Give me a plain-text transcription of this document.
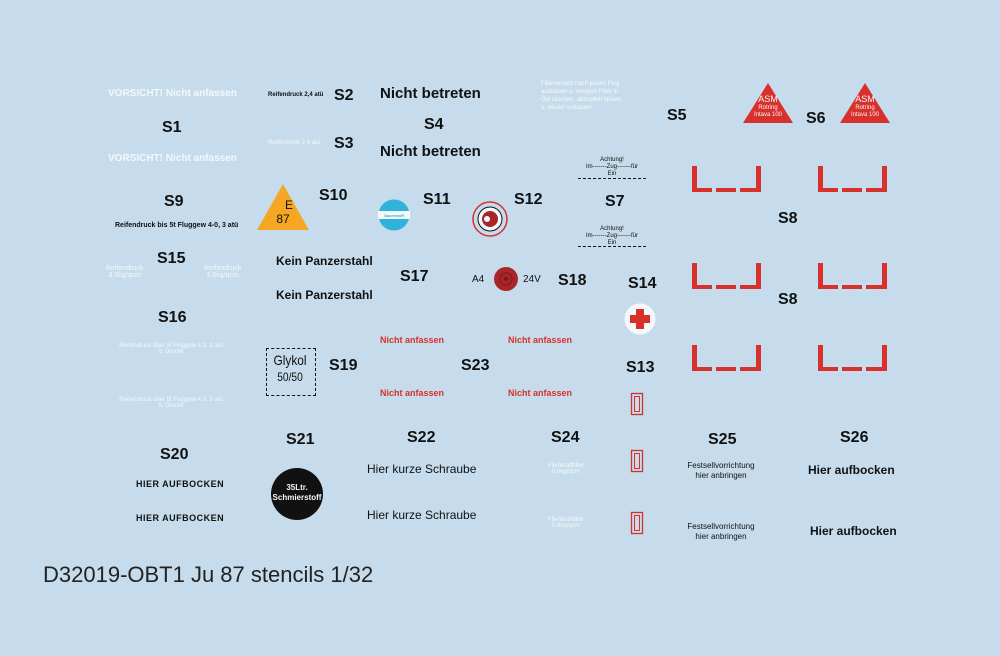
VORSICHT! Nicht anfassen
S1
VORSICHT! Nicht anfassen
S9
Reifendruck bis 5t Fluggew 4-0, 3 atü
S15
Reifendruck
3.6kg/qcm
Reifendruck
3.6kg/qcm
S16
Reifendruck über 5t Fluggew 4.0, 3 atü
0. Druckk
Reifendruck über 5t Fluggew 4.0, 3 atü
0. Druckk
S20
HIER AUFBOCKEN
HIER AUFBOCKEN
Reifendruck 2,4 atü S2
Reifendruck 2,4 atü S3
E
87
S10
Kein Panzerstahl
Kein Panzerstahl
Glykol
50/50
S19
S21
35Ltr.
Schmierstoff
Nicht betreten
S4
Nicht betreten
Sauerstoff
S11
S17
Nicht anfassen
S23
Nicht anfassen
S22
Hier kurze Schraube
Hier kurze Schraube
S12
A4	24V S18
Nicht anfassen
Nicht anfassen
S24
Fliehkraftfilter
0.6kg/qcm
Fliehkraftfilter
0.6kg/qcm
Filtereinsatz nach jedem Flug
ausbauen u. reinigen Filter in
Öel tauchen, abtropfen lassen
u. wieder einbauen	S5
Achtung!
Im-------Zug-------für
Ein
S7
Achtung!
Im-------Zug-------für
Ein
S14
S13
ASM
Rotring
Intava 100	S6
ASM
Rotring
Intava 100
S8
S8
S25
Festsellvorrichtung
hier anbringen
Festsellvorrichtung
hier anbringen
S26
Hier aufbocken
Hier aufbocken
D32019-OBT1 Ju 87 stencils 1/32
